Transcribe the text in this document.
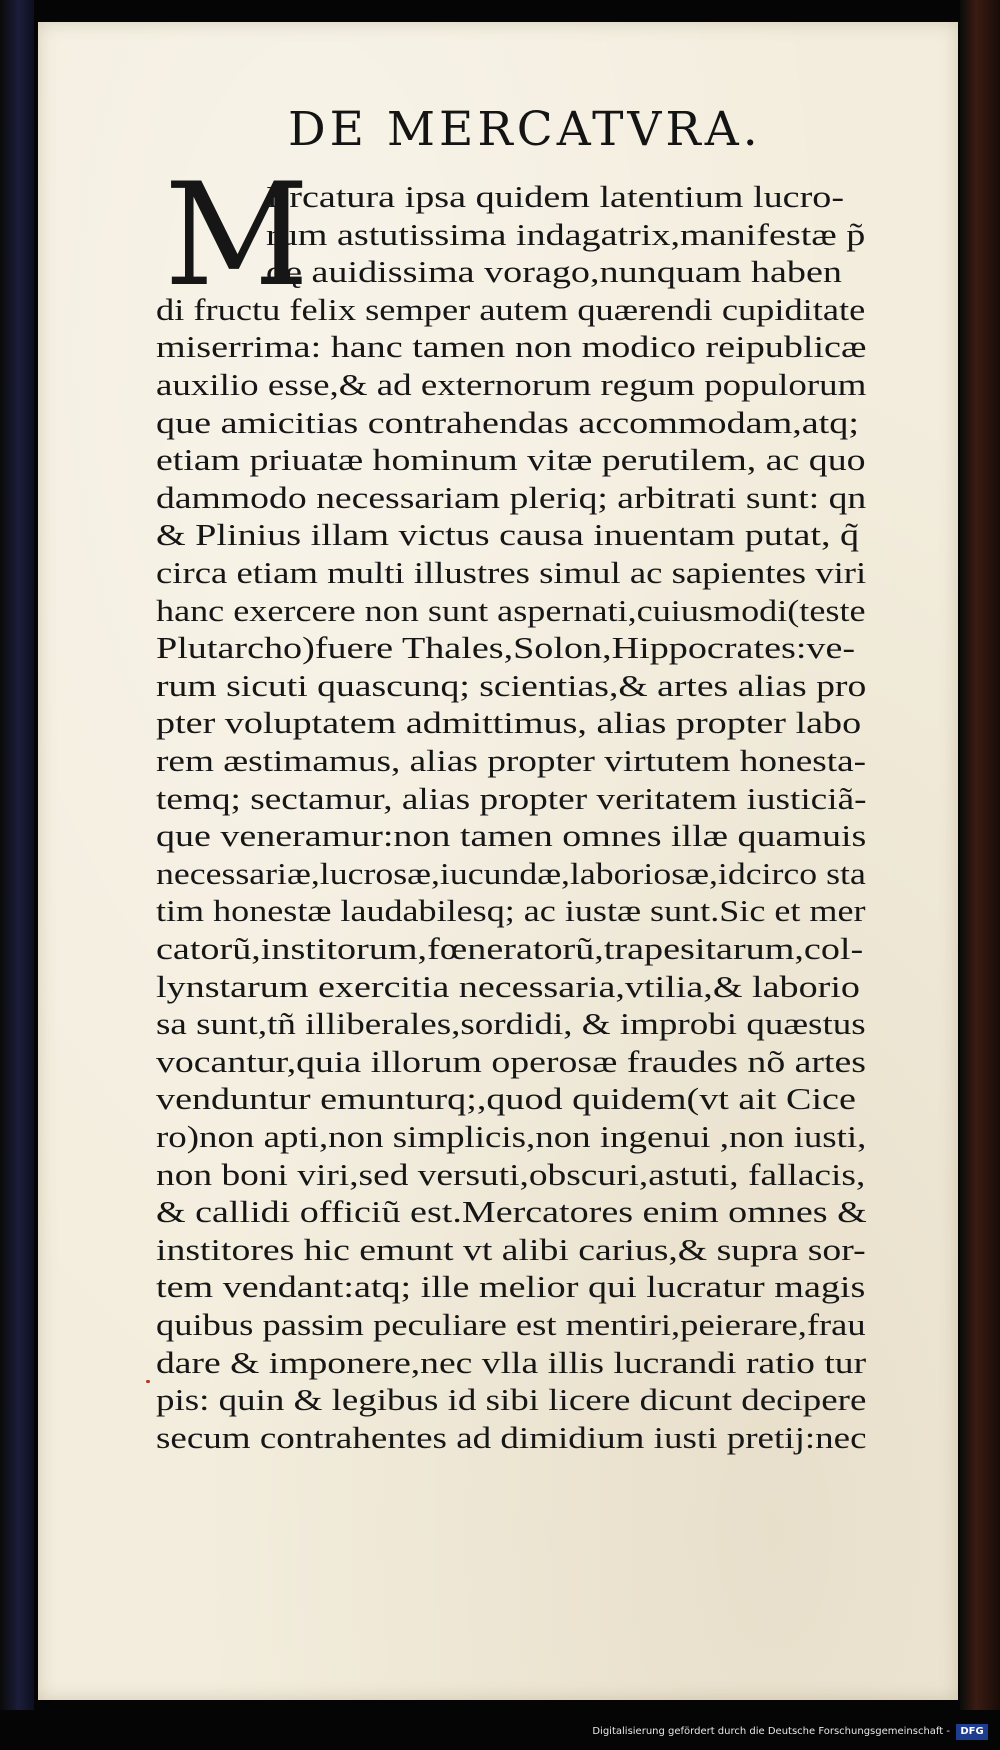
DE MERCATVRA.
M
Ercatura ipsa quidem latentium lucro-
rum astutissima indagatrix,manifestæ p̃
dę auidissima vorago,nunquam haben
di fructu felix semper autem quærendi cupiditate
miserrima: hanc tamen non modico reipublicæ
auxilio esse,& ad externorum regum populorum
que amicitias contrahendas accommodam,atq;
etiam priuatæ hominum vitæ perutilem, ac quo
dammodo necessariam pleriq; arbitrati sunt: qn
& Plinius illam victus causa inuentam putat, q̃
circa etiam multi illustres simul ac sapientes viri
hanc exercere non sunt aspernati,cuiusmodi(teste
Plutarcho)fuere Thales,Solon,Hippocrates:ve-
rum sicuti quascunq; scientias,& artes alias pro
pter voluptatem admittimus, alias propter labo
rem æstimamus, alias propter virtutem honesta-
temq; sectamur, alias propter veritatem iusticiã-
que veneramur:non tamen omnes illæ quamuis
necessariæ,lucrosæ,iucundæ,laboriosæ,idcirco sta
tim honestæ laudabilesq; ac iustæ sunt.Sic et mer
catorũ,institorum,fœneratorũ,trapesitarum,col-
lynstarum exercitia necessaria,vtilia,& laborio
sa sunt,tñ illiberales,sordidi, & improbi quæstus
vocantur,quia illorum operosæ fraudes nõ artes
venduntur emunturq;,quod quidem(vt ait Cice
ro)non apti,non simplicis,non ingenui ,non iusti,
non boni viri,sed versuti,obscuri,astuti, fallacis,
& callidi officiũ est.Mercatores enim omnes &
institores hic emunt vt alibi carius,& supra sor-
tem vendant:atq; ille melior qui lucratur magis
quibus passim peculiare est mentiri,peierare,frau
dare & imponere,nec vlla illis lucrandi ratio tur
pis: quin & legibus id sibi licere dicunt decipere
secum contrahentes ad dimidium iusti pretij:nec
Digitalisierung gefördert durch die Deutsche Forschungsgemeinschaft -	DFG
